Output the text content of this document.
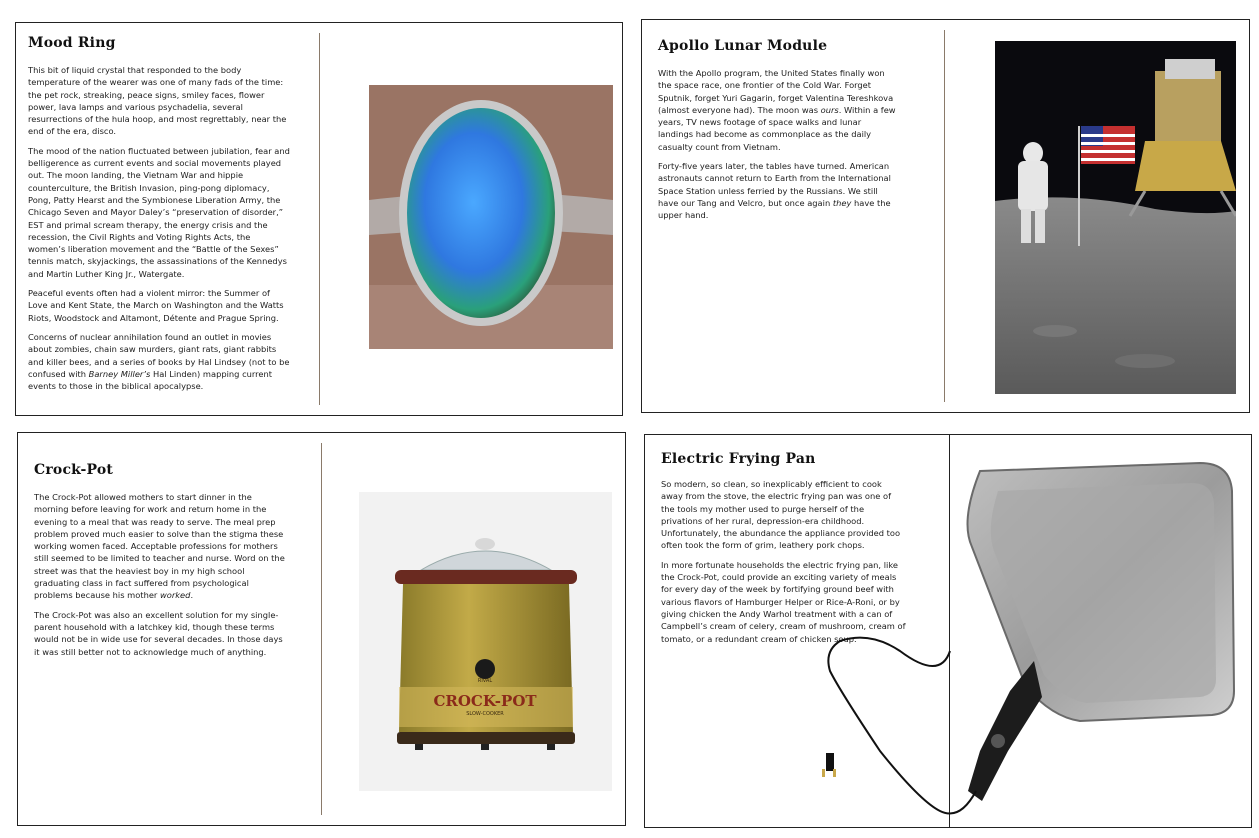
Mood Ring

This bit of liquid crystal that responded to the body temperature of the wearer was one of many fads of the time: the pet rock, streaking, peace signs, smiley faces, flower power, lava lamps and various psychadelia, several resurrections of the hula hoop, and most regrettably, near the end of the era, disco.

The mood of the nation fluctuated between jubilation, fear and belligerence as current events and social movements played out. The moon landing, the Vietnam War and hippie counterculture, the British Invasion, ping-pong diplomacy, Pong, Patty Hearst and the Symbionese Liberation Army, the Chicago Seven and Mayor Daley’s “preservation of disorder,” EST and primal scream therapy, the energy crisis and the recession, the Civil Rights and Voting Rights Acts, the women’s liberation movement and the “Battle of the Sexes” tennis match, skyjackings, the assassinations of the Kennedys and Martin Luther King Jr., Watergate.

Peaceful events often had a violent mirror: the Summer of Love and Kent State, the March on Washington and the Watts Riots, Woodstock and Altamont, Détente and Prague Spring.

Concerns of nuclear annihilation found an outlet in movies about zombies, chain saw murders, giant rats, giant rabbits and killer bees, and a series of books by Hal Lindsey (not to be confused with Barney Miller’s Hal Linden) mapping current events to those in the biblical apocalypse.

Apollo Lunar Module

With the Apollo program, the United States finally won the space race, one frontier of the Cold War. Forget Sputnik, forget Yuri Gagarin, forget Valentina Tereshkova (almost everyone had). The moon was ours. Within a few years, TV news footage of space walks and lunar landings had become as commonplace as the daily casualty count from Vietnam.

Forty-five years later, the tables have turned. American astronauts cannot return to Earth from the International Space Station unless ferried by the Russians. We still have our Tang and Velcro, but once again they have the upper hand.

Crock-Pot

The Crock-Pot allowed mothers to start dinner in the morning before leaving for work and return home in the evening to a meal that was ready to serve. The meal prep problem proved much easier to solve than the stigma these working women faced. Acceptable professions for mothers still seemed to be limited to teacher and nurse. Word on the street was that the heaviest boy in my high school graduating class in fact suffered from psychological problems because his mother worked.

The Crock-Pot was also an excellent solution for my single-parent household with a latchkey kid, though these terms would not be in wide use for several decades. In those days it was still better not to acknowledge much of anything.

RIVAL
CROCK-POT
SLOW-COOKER
Electric Frying Pan

So modern, so clean, so inexplicably efficient to cook away from the stove, the electric frying pan was one of the tools my mother used to purge herself of the privations of her rural, depression-era childhood. Unfortunately, the abundance the appliance provided too often took the form of grim, leathery pork chops.

In more fortunate households the electric frying pan, like the Crock-Pot, could provide an exciting variety of meals for every day of the week by fortifying ground beef with various flavors of Hamburger Helper or Rice-A-Roni, or by giving chicken the Andy Warhol treatment with a can of Campbell’s cream of celery, cream of mushroom, cream of tomato, or a redundant cream of chicken soup.
